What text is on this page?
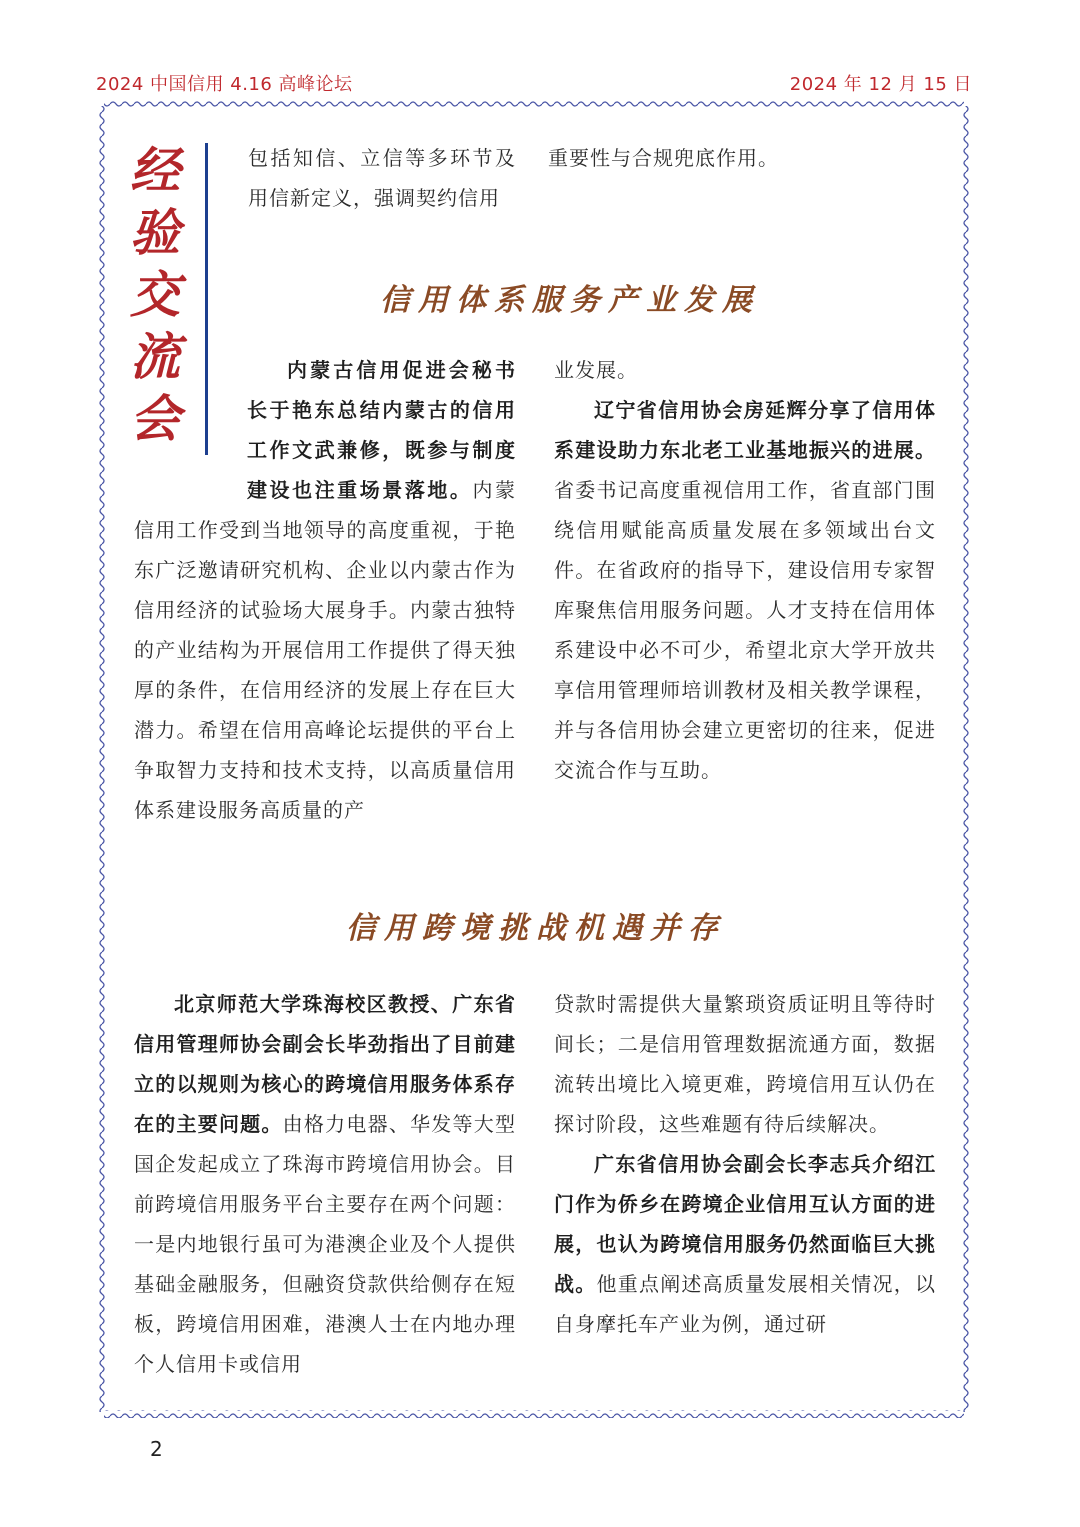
2024 中国信用 4.16 高峰论坛	2024 年 12 月 15 日
经
验
交
流
会

包括知信、立信等多环节及用信新定义，强调契约信用

重要性与合规兜底作用。

信用体系服务产业发展

内蒙古信用促进会秘书长于艳东总结内蒙古的信用工作文武兼修，既参与制度建设也注重场景落地。内蒙信用工作受到当地领导的高度重视，于艳东广泛邀请研究机构、企业以内蒙古作为信用经济的试验场大展身手。内蒙古独特的产业结构为开展信用工作提供了得天独厚的条件，在信用经济的发展上存在巨大潜力。希望在信用高峰论坛提供的平台上争取智力支持和技术支持，以高质量信用体系建设服务高质量的产

业发展。

辽宁省信用协会房延辉分享了信用体系建设助力东北老工业基地振兴的进展。省委书记高度重视信用工作，省直部门围绕信用赋能高质量发展在多领域出台文件。在省政府的指导下，建设信用专家智库聚焦信用服务问题。人才支持在信用体系建设中必不可少，希望北京大学开放共享信用管理师培训教材及相关教学课程，并与各信用协会建立更密切的往来，促进交流合作与互助。

信用跨境挑战机遇并存

北京师范大学珠海校区教授、广东省信用管理师协会副会长毕劲指出了目前建立的以规则为核心的跨境信用服务体系存在的主要问题。由格力电器、华发等大型国企发起成立了珠海市跨境信用协会。目前跨境信用服务平台主要存在两个问题：一是内地银行虽可为港澳企业及个人提供基础金融服务，但融资贷款供给侧存在短板，跨境信用困难，港澳人士在内地办理个人信用卡或信用

贷款时需提供大量繁琐资质证明且等待时间长；二是信用管理数据流通方面，数据流转出境比入境更难，跨境信用互认仍在探讨阶段，这些难题有待后续解决。

广东省信用协会副会长李志兵介绍江门作为侨乡在跨境企业信用互认方面的进展，也认为跨境信用服务仍然面临巨大挑战。他重点阐述高质量发展相关情况，以自身摩托车产业为例，通过研

2
